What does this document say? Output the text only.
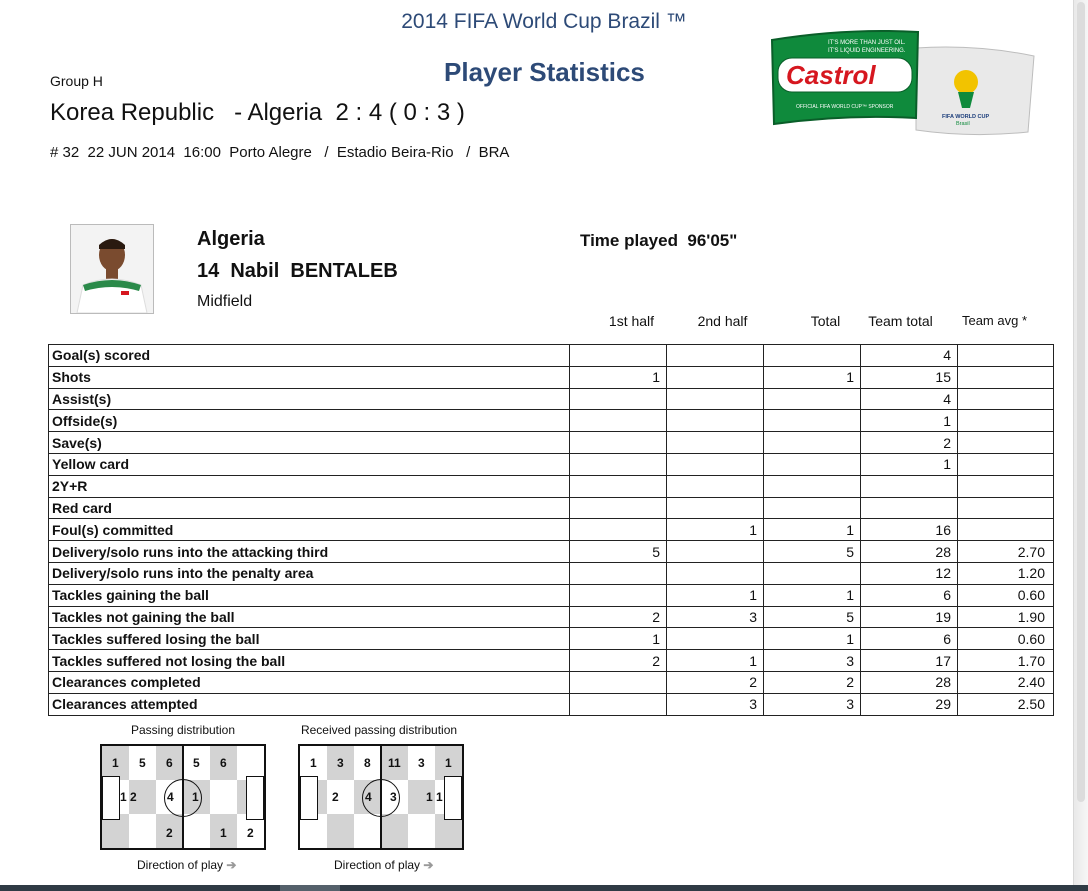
2014 FIFA World Cup Brazil ™
Player Statistics
Group H
Korea Republic   - Algeria  2 : 4 ( 0 : 3 )
# 32  22 JUN 2014  16:00  Porto Alegre   /  Estadio Beira-Rio   /  BRA
IT'S MORE THAN JUST OIL.
IT'S LIQUID ENGINEERING.
Castrol
OFFICIAL FIFA WORLD CUP™ SPONSOR
FIFA WORLD CUP
Brasil
Algeria
14  Nabil  BENTALEB
Midfield
Time played  96'05"
1st half	2nd half	Total	Team total	Team avg *
Goal(s) scored				4	
Shots	1		1	15	
Assist(s)				4	
Offside(s)				1	
Save(s)				2	
Yellow card				1	
2Y+R					
Red card					
Foul(s) committed		1	1	16	
Delivery/solo runs into the attacking third	5		5	28	2.70
Delivery/solo runs into the penalty area				12	1.20
Tackles gaining the ball		1	1	6	0.60
Tackles not gaining the ball	2	3	5	19	1.90
Tackles suffered losing the ball	1		1	6	0.60
Tackles suffered not losing the ball	2	1	3	17	1.70
Clearances completed		2	2	28	2.40
Clearances attempted		3	3	29	2.50
Passing distribution
1 5 6 5 6
1 2	4 1
2	1 2
Direction of play ➔
Received passing distribution
1 3 8 11 3 1
2 4 3 1 1
Direction of play ➔
